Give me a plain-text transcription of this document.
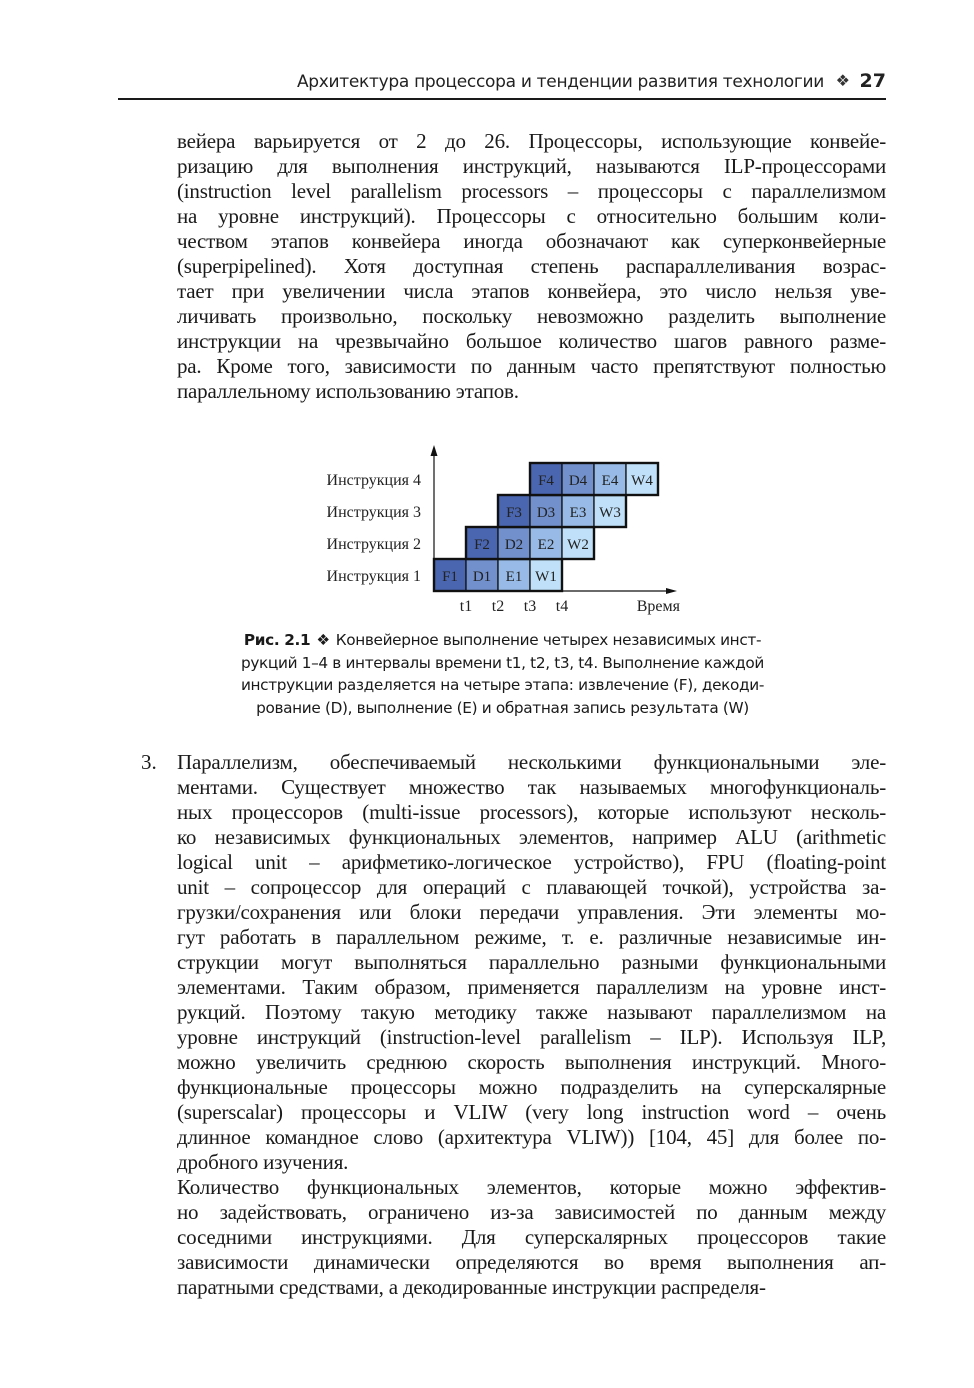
Архитектура процессора и тенденции развития технологии ❖ 27
вейера варьируется от 2 до 26. Процессоры, использующие конвейе-
ризацию для выполнения инструкций, называются ILP-процессорами
(instruction level parallelism processors – процессоры с параллелизмом
на уровне инструкций). Процессоры с относительно большим коли-
чеством этапов конвейера иногда обозначают как суперконвейерные
(superpipelined). Хотя доступная степень распараллеливания возрас-
тает при увеличении числа этапов конвейера, это число нельзя уве-
личивать произвольно, поскольку невозможно разделить выполнение
инструкции на чрезвычайно большое количество шагов равного разме-
ра. Кроме того, зависимости по данным часто препятствуют полностью
параллельному использованию этапов.
Инструкция 1 F1 D1 E1 W1
Инструкция 2	F2 D2 E2 W2
Инструкция 3	F3 D3 E3 W3
Инструкция 4	F4 D4 E4 W4
t1 t2 t3 t4	Время
Рис. 2.1 ❖ Конвейерное выполнение четырех независимых инст-
рукций 1–4 в интервалы времени t1, t2, t3, t4. Выполнение каждой
инструкции разделяется на четыре этапа: извлечение (F), декоди-
рование (D), выполнение (E) и обратная запись результата (W)
3. Параллелизм, обеспечиваемый несколькими функциональными эле-
ментами. Существует множество так называемых многофункциональ-
ных процессоров (multi-issue processors), которые используют несколь-
ко независимых функциональных элементов, например ALU (arithmetic
logical unit – арифметико-логическое устройство), FPU (floating-point
unit – сопроцессор для операций с плавающей точкой), устройства за-
грузки/сохранения или блоки передачи управления. Эти элементы мо-
гут работать в параллельном режиме, т. е. различные независимые ин-
струкции могут выполняться параллельно разными функциональными
элементами. Таким образом, применяется параллелизм на уровне инст-
рукций. Поэтому такую методику также называют параллелизмом на
уровне инструкций (instruction-level parallelism – ILP). Используя ILP,
можно увеличить среднюю скорость выполнения инструкций. Много-
функциональные процессоры можно подразделить на суперскалярные
(superscalar) процессоры и VLIW (very long instruction word – очень
длинное командное слово (архитектура VLIW)) [104, 45] для более по-
дробного изучения.
Количество функциональных элементов, которые можно эффектив-
но задействовать, ограничено из-за зависимостей по данным между
соседними инструкциями. Для суперскалярных процессоров такие
зависимости динамически определяются во время выполнения ап-
паратными средствами, а декодированные инструкции распределя-
